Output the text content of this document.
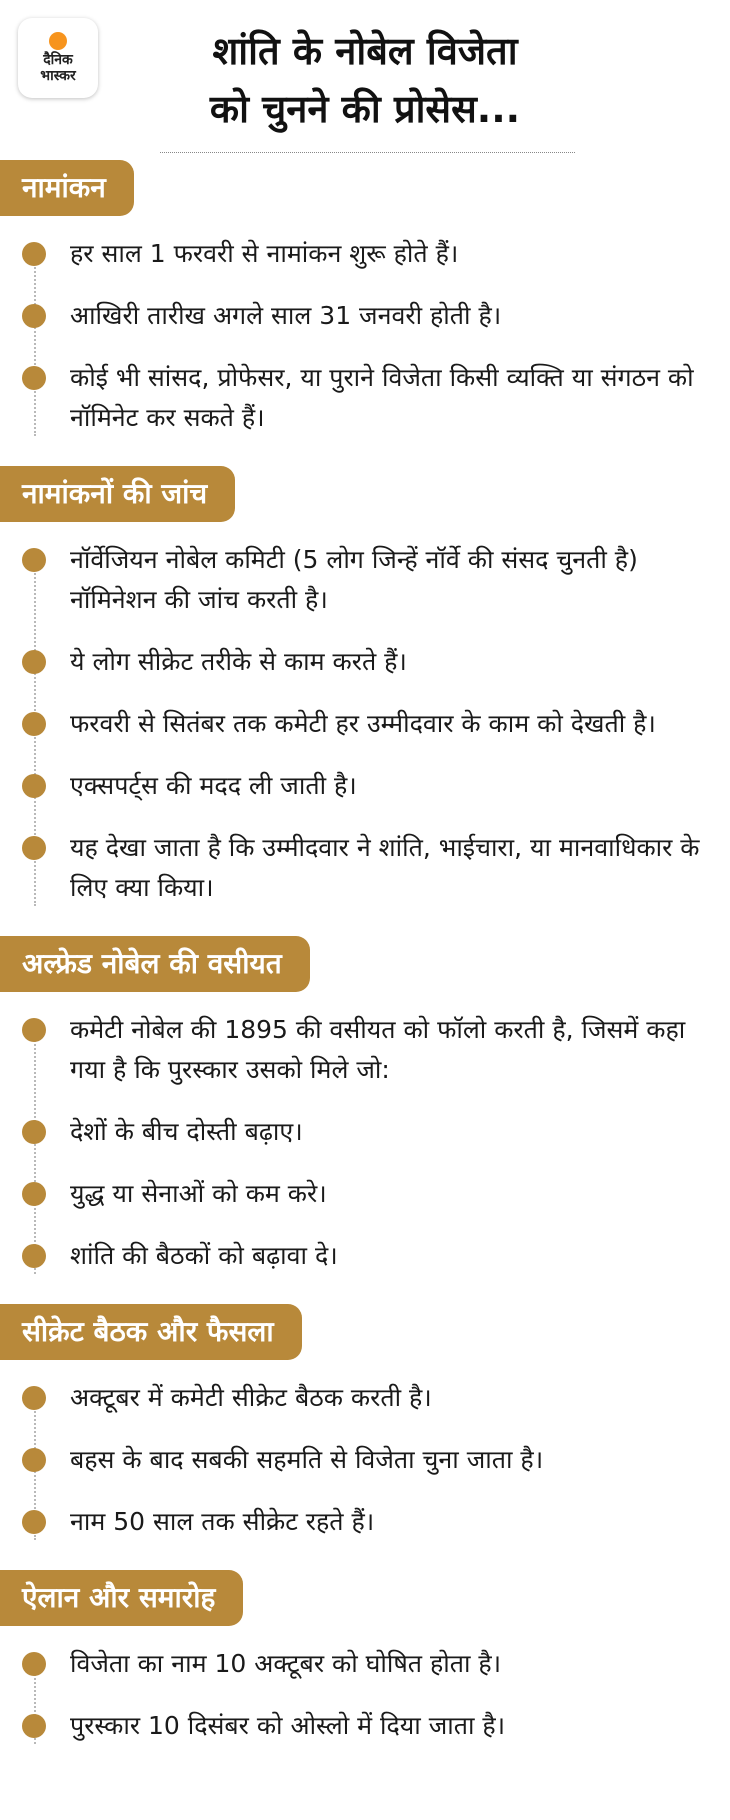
दैनिक
भास्कर
शांति के नोबेल विजेता
को चुनने की प्रोसेस...
नामांकन
हर साल 1 फरवरी से नामांकन शुरू होते हैं।
आखिरी तारीख अगले साल 31 जनवरी होती है।
कोई भी सांसद, प्रोफेसर, या पुराने विजेता किसी व्यक्ति या संगठन को नॉमिनेट कर सकते हैं।
नामांकनों की जांच
नॉर्वेजियन नोबेल कमिटी (5 लोग जिन्हें नॉर्वे की संसद चुनती है) नॉमिनेशन की जांच करती है।
ये लोग सीक्रेट तरीके से काम करते हैं।
फरवरी से सितंबर तक कमेटी हर उम्मीदवार के काम को देखती है।
एक्सपर्ट्स की मदद ली जाती है।
यह देखा जाता है कि उम्मीदवार ने शांति, भाईचारा, या मानवाधिकार के लिए क्या किया।
अल्फ्रेड नोबेल की वसीयत
कमेटी नोबेल की 1895 की वसीयत को फॉलो करती है, जिसमें कहा गया है कि पुरस्कार उसको मिले जो:
देशों के बीच दोस्ती बढ़ाए।
युद्ध या सेनाओं को कम करे।
शांति की बैठकों को बढ़ावा दे।
सीक्रेट बैठक और फैसला
अक्टूबर में कमेटी सीक्रेट बैठक करती है।
बहस के बाद सबकी सहमति से विजेता चुना जाता है।
नाम 50 साल तक सीक्रेट रहते हैं।
ऐलान और समारोह
विजेता का नाम 10 अक्टूबर को घोषित होता है।
पुरस्कार 10 दिसंबर को ओस्लो में दिया जाता है।
